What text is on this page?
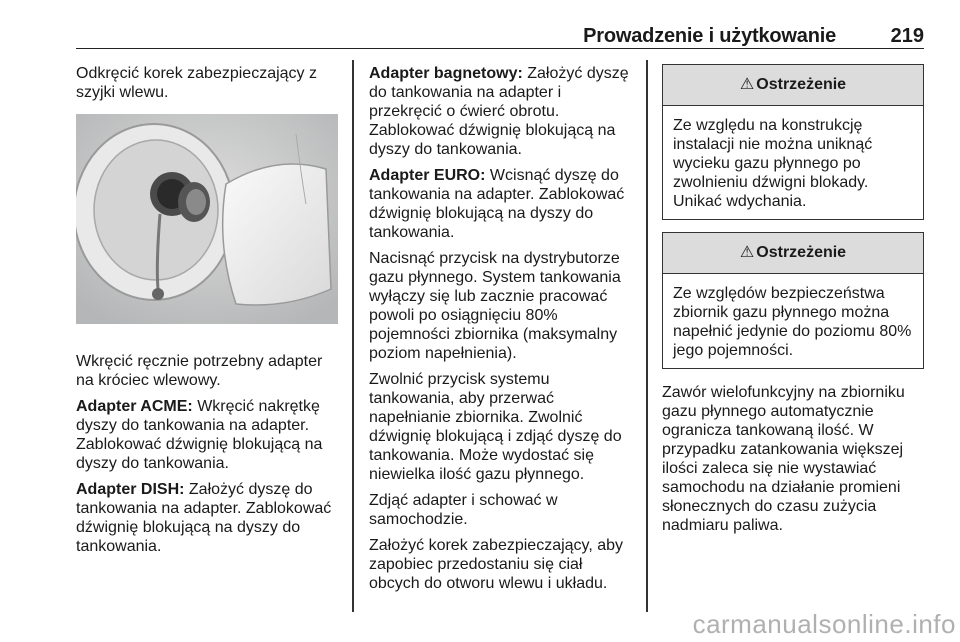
Prowadzenie i użytkowanie	219

Odkręcić korek zabezpieczający z szyjki wlewu.

Wkręcić ręcznie potrzebny adapter na króciec wlewowy.

Adapter ACME: Wkręcić nakrętkę dyszy do tankowania na adapter. Zablokować dźwignię blokującą na dyszy do tankowania.

Adapter DISH: Założyć dyszę do tankowania na adapter. Zablokować dźwignię blokującą na dyszy do tankowania.

Adapter bagnetowy: Założyć dyszę do tankowania na adapter i przekręcić o ćwierć obrotu. Zablokować dźwignię blokującą na dyszy do tankowania.

Adapter EURO: Wcisnąć dyszę do tankowania na adapter. Zablokować dźwignię blokującą na dyszy do tankowania.

Nacisnąć przycisk na dystrybutorze gazu płynnego. System tankowania wyłączy się lub zacznie pracować powoli po osiągnięciu 80% pojemności zbiornika (maksymalny poziom napełnienia).

Zwolnić przycisk systemu tankowania, aby przerwać napełnianie zbiornika. Zwolnić dźwignię blokującą i zdjąć dyszę do tankowania. Może wydostać się niewielka ilość gazu płynnego.

Zdjąć adapter i schować w samochodzie.

Założyć korek zabezpieczający, aby zapobiec przedostaniu się ciał obcych do otworu wlewu i układu.

⚠ Ostrzeżenie
Ze względu na konstrukcję instalacji nie można uniknąć wycieku gazu płynnego po zwolnieniu dźwigni blokady. Unikać wdychania.
⚠ Ostrzeżenie
Ze względów bezpieczeństwa zbiornik gazu płynnego można napełnić jedynie do poziomu 80% jego pojemności.

Zawór wielofunkcyjny na zbiorniku gazu płynnego automatycznie ogranicza tankowaną ilość. W przypadku zatankowania większej ilości zaleca się nie wystawiać samochodu na działanie promieni słonecznych do czasu zużycia nadmiaru paliwa.

carmanualsonline.info
